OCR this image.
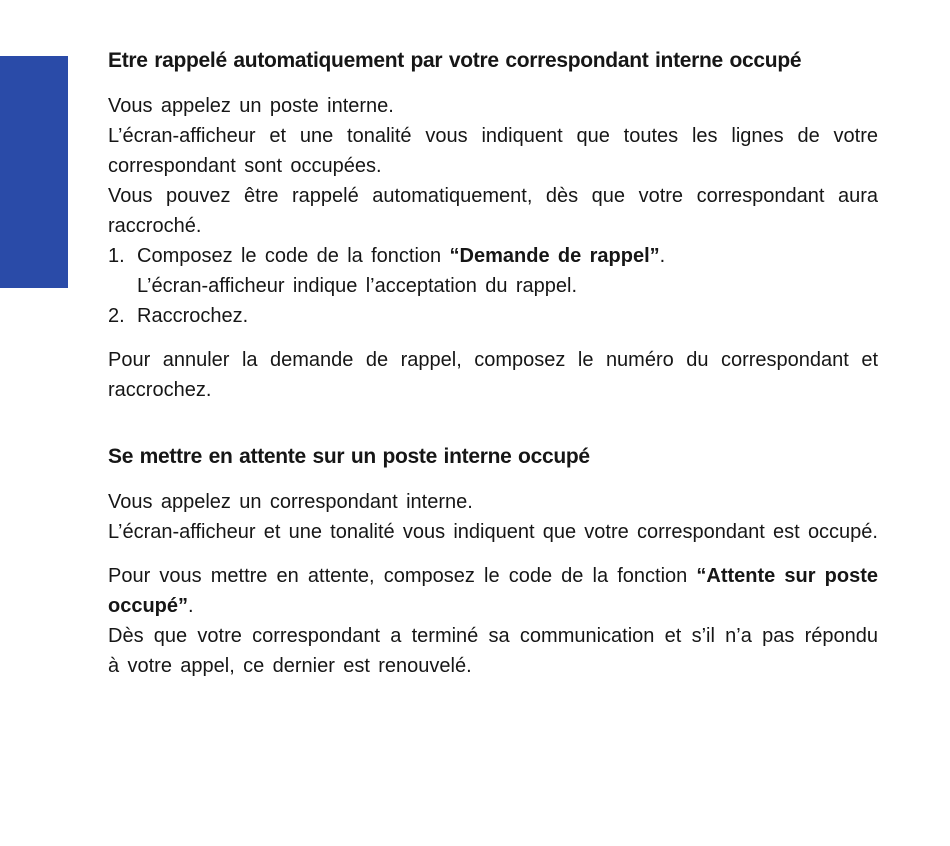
Etre rappelé automatiquement par votre correspondant interne occupé
Vous appelez un poste interne.
L’écran-afficheur et une tonalité vous indiquent que toutes les lignes de votre
correspondant sont occupées.
Vous pouvez être rappelé automatiquement, dès que votre correspondant aura
raccroché.
1. Composez le code de la fonction “Demande de rappel”.
L’écran-afficheur indique l’acceptation du rappel.
2. Raccrochez.
Pour annuler la demande de rappel, composez le numéro du correspondant et
raccrochez.
Se mettre en attente sur un poste interne occupé
Vous appelez un correspondant interne.
L’écran-afficheur et une tonalité vous indiquent que votre correspondant est occupé.
Pour vous mettre en attente, composez le code de la fonction “Attente sur poste
occupé”.
Dès que votre correspondant a terminé sa communication et s’il n’a pas répondu
à votre appel, ce dernier est renouvelé.
